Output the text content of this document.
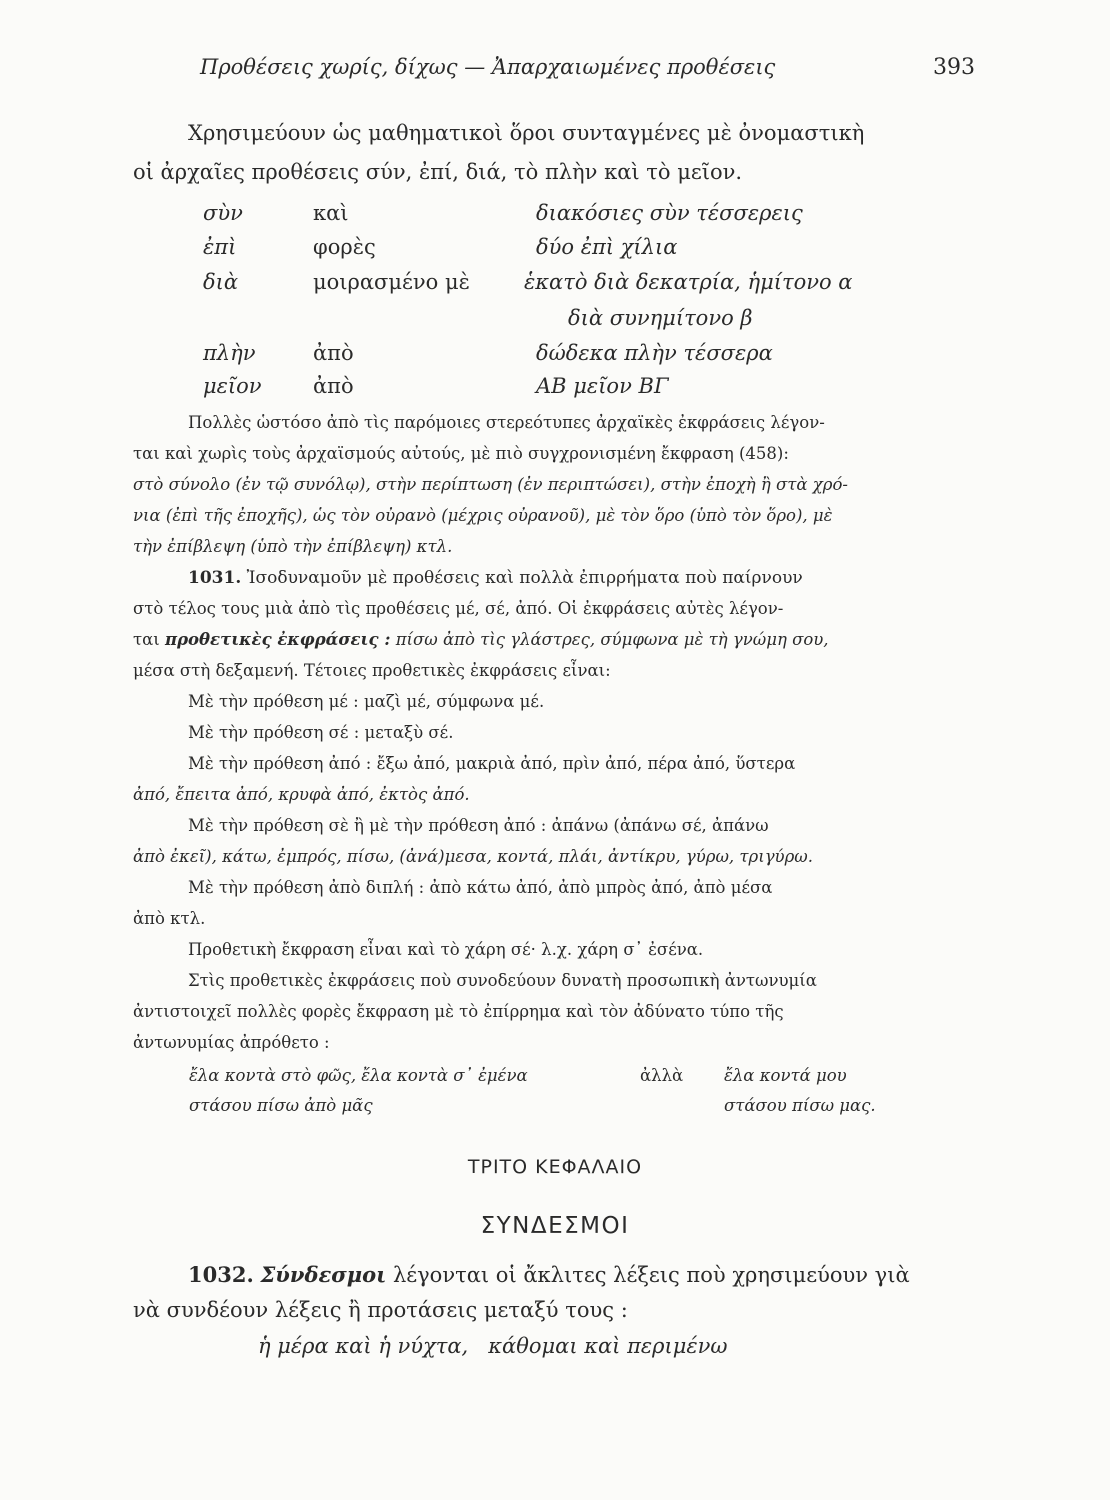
Προθέσεις χωρίς, δίχως — Ἀπαρχαιωμένες προθέσεις	393
Χρησιμεύουν ὡς μαθηματικοὶ ὅροι συνταγμένες μὲ ὀνομαστικὴ
οἱ ἀρχαῖες προθέσεις σύν, ἐπί, διά, τὸ πλὴν καὶ τὸ μεῖον.
σὺν	καὶ	διακόσιες σὺν τέσσερεις
ἐπὶ	φορὲς	δύο ἐπὶ χίλια
διὰ	μοιρασμένο μὲ	ἑκατὸ διὰ δεκατρία, ἡμίτονο α
διὰ συνημίτονο β
πλὴν	ἀπὸ	δώδεκα πλὴν τέσσερα
μεῖον ἀπὸ	ΑΒ μεῖον ΒΓ
Πολλὲς ὡστόσο ἀπὸ τὶς παρόμοιες στερεότυπες ἀρχαϊκὲς ἐκφράσεις λέγον-
ται καὶ χωρὶς τοὺς ἀρχαϊσμούς αὐτούς, μὲ πιὸ συγχρονισμένη ἔκφραση (458):
στὸ σύνολο (ἐν τῷ συνόλῳ), στὴν περίπτωση (ἐν περιπτώσει), στὴν ἐποχὴ ἢ στὰ χρό-
νια (ἐπὶ τῆς ἐποχῆς), ὡς τὸν οὐρανὸ (μέχρις οὐρανοῦ), μὲ τὸν ὅρο (ὑπὸ τὸν ὅρο), μὲ
τὴν ἐπίβλεψη (ὑπὸ τὴν ἐπίβλεψη) κτλ.
1031. Ἰσοδυναμοῦν μὲ προθέσεις καὶ πολλὰ ἐπιρρήματα ποὺ παίρνουν
στὸ τέλος τους μιὰ ἀπὸ τὶς προθέσεις μέ, σέ, ἀπό. Οἱ ἐκφράσεις αὐτὲς λέγον-
ται προθετικὲς ἐκφράσεις : πίσω ἀπὸ τὶς γλάστρες, σύμφωνα μὲ τὴ γνώμη σου,
μέσα στὴ δεξαμενή. Τέτοιες προθετικὲς ἐκφράσεις εἶναι:
Μὲ τὴν πρόθεση μέ : μαζὶ μέ, σύμφωνα μέ.
Μὲ τὴν πρόθεση σέ : μεταξὺ σέ.
Μὲ τὴν πρόθεση ἀπό : ἔξω ἀπό, μακριὰ ἀπό, πρὶν ἀπό, πέρα ἀπό, ὕστερα
ἀπό, ἔπειτα ἀπό, κρυφὰ ἀπό, ἐκτὸς ἀπό.
Μὲ τὴν πρόθεση σὲ ἢ μὲ τὴν πρόθεση ἀπό : ἀπάνω (ἀπάνω σέ, ἀπάνω
ἀπὸ ἐκεῖ), κάτω, ἐμπρός, πίσω, (ἀνά)μεσα, κοντά, πλάι, ἀντίκρυ, γύρω, τριγύρω.
Μὲ τὴν πρόθεση ἀπὸ διπλή : ἀπὸ κάτω ἀπό, ἀπὸ μπρὸς ἀπό, ἀπὸ μέσα
ἀπὸ κτλ.
Προθετικὴ ἔκφραση εἶναι καὶ τὸ χάρη σέ· λ.χ. χάρη σ᾽ ἐσένα.
Στὶς προθετικὲς ἐκφράσεις ποὺ συνοδεύουν δυνατὴ προσωπικὴ ἀντωνυμία
ἀντιστοιχεῖ πολλὲς φορὲς ἔκφραση μὲ τὸ ἐπίρρημα καὶ τὸν ἀδύνατο τύπο τῆς
ἀντωνυμίας ἀπρόθετο :
ἔλα κοντὰ στὸ φῶς, ἔλα κοντὰ σ᾽ ἐμένα	ἀλλὰ ἔλα κοντά μου
στάσου πίσω ἀπὸ μᾶς	στάσου πίσω μας.
ΤΡΙΤΟ ΚΕΦΑΛΑΙΟ
ΣΥΝΔΕΣΜΟΙ
1032. Σύνδεσμοι λέγονται οἱ ἄκλιτες λέξεις ποὺ χρησιμεύουν γιὰ
νὰ συνδέουν λέξεις ἢ προτάσεις μεταξύ τους :
ἡ μέρα καὶ ἡ νύχτα,   κάθομαι καὶ περιμένω
